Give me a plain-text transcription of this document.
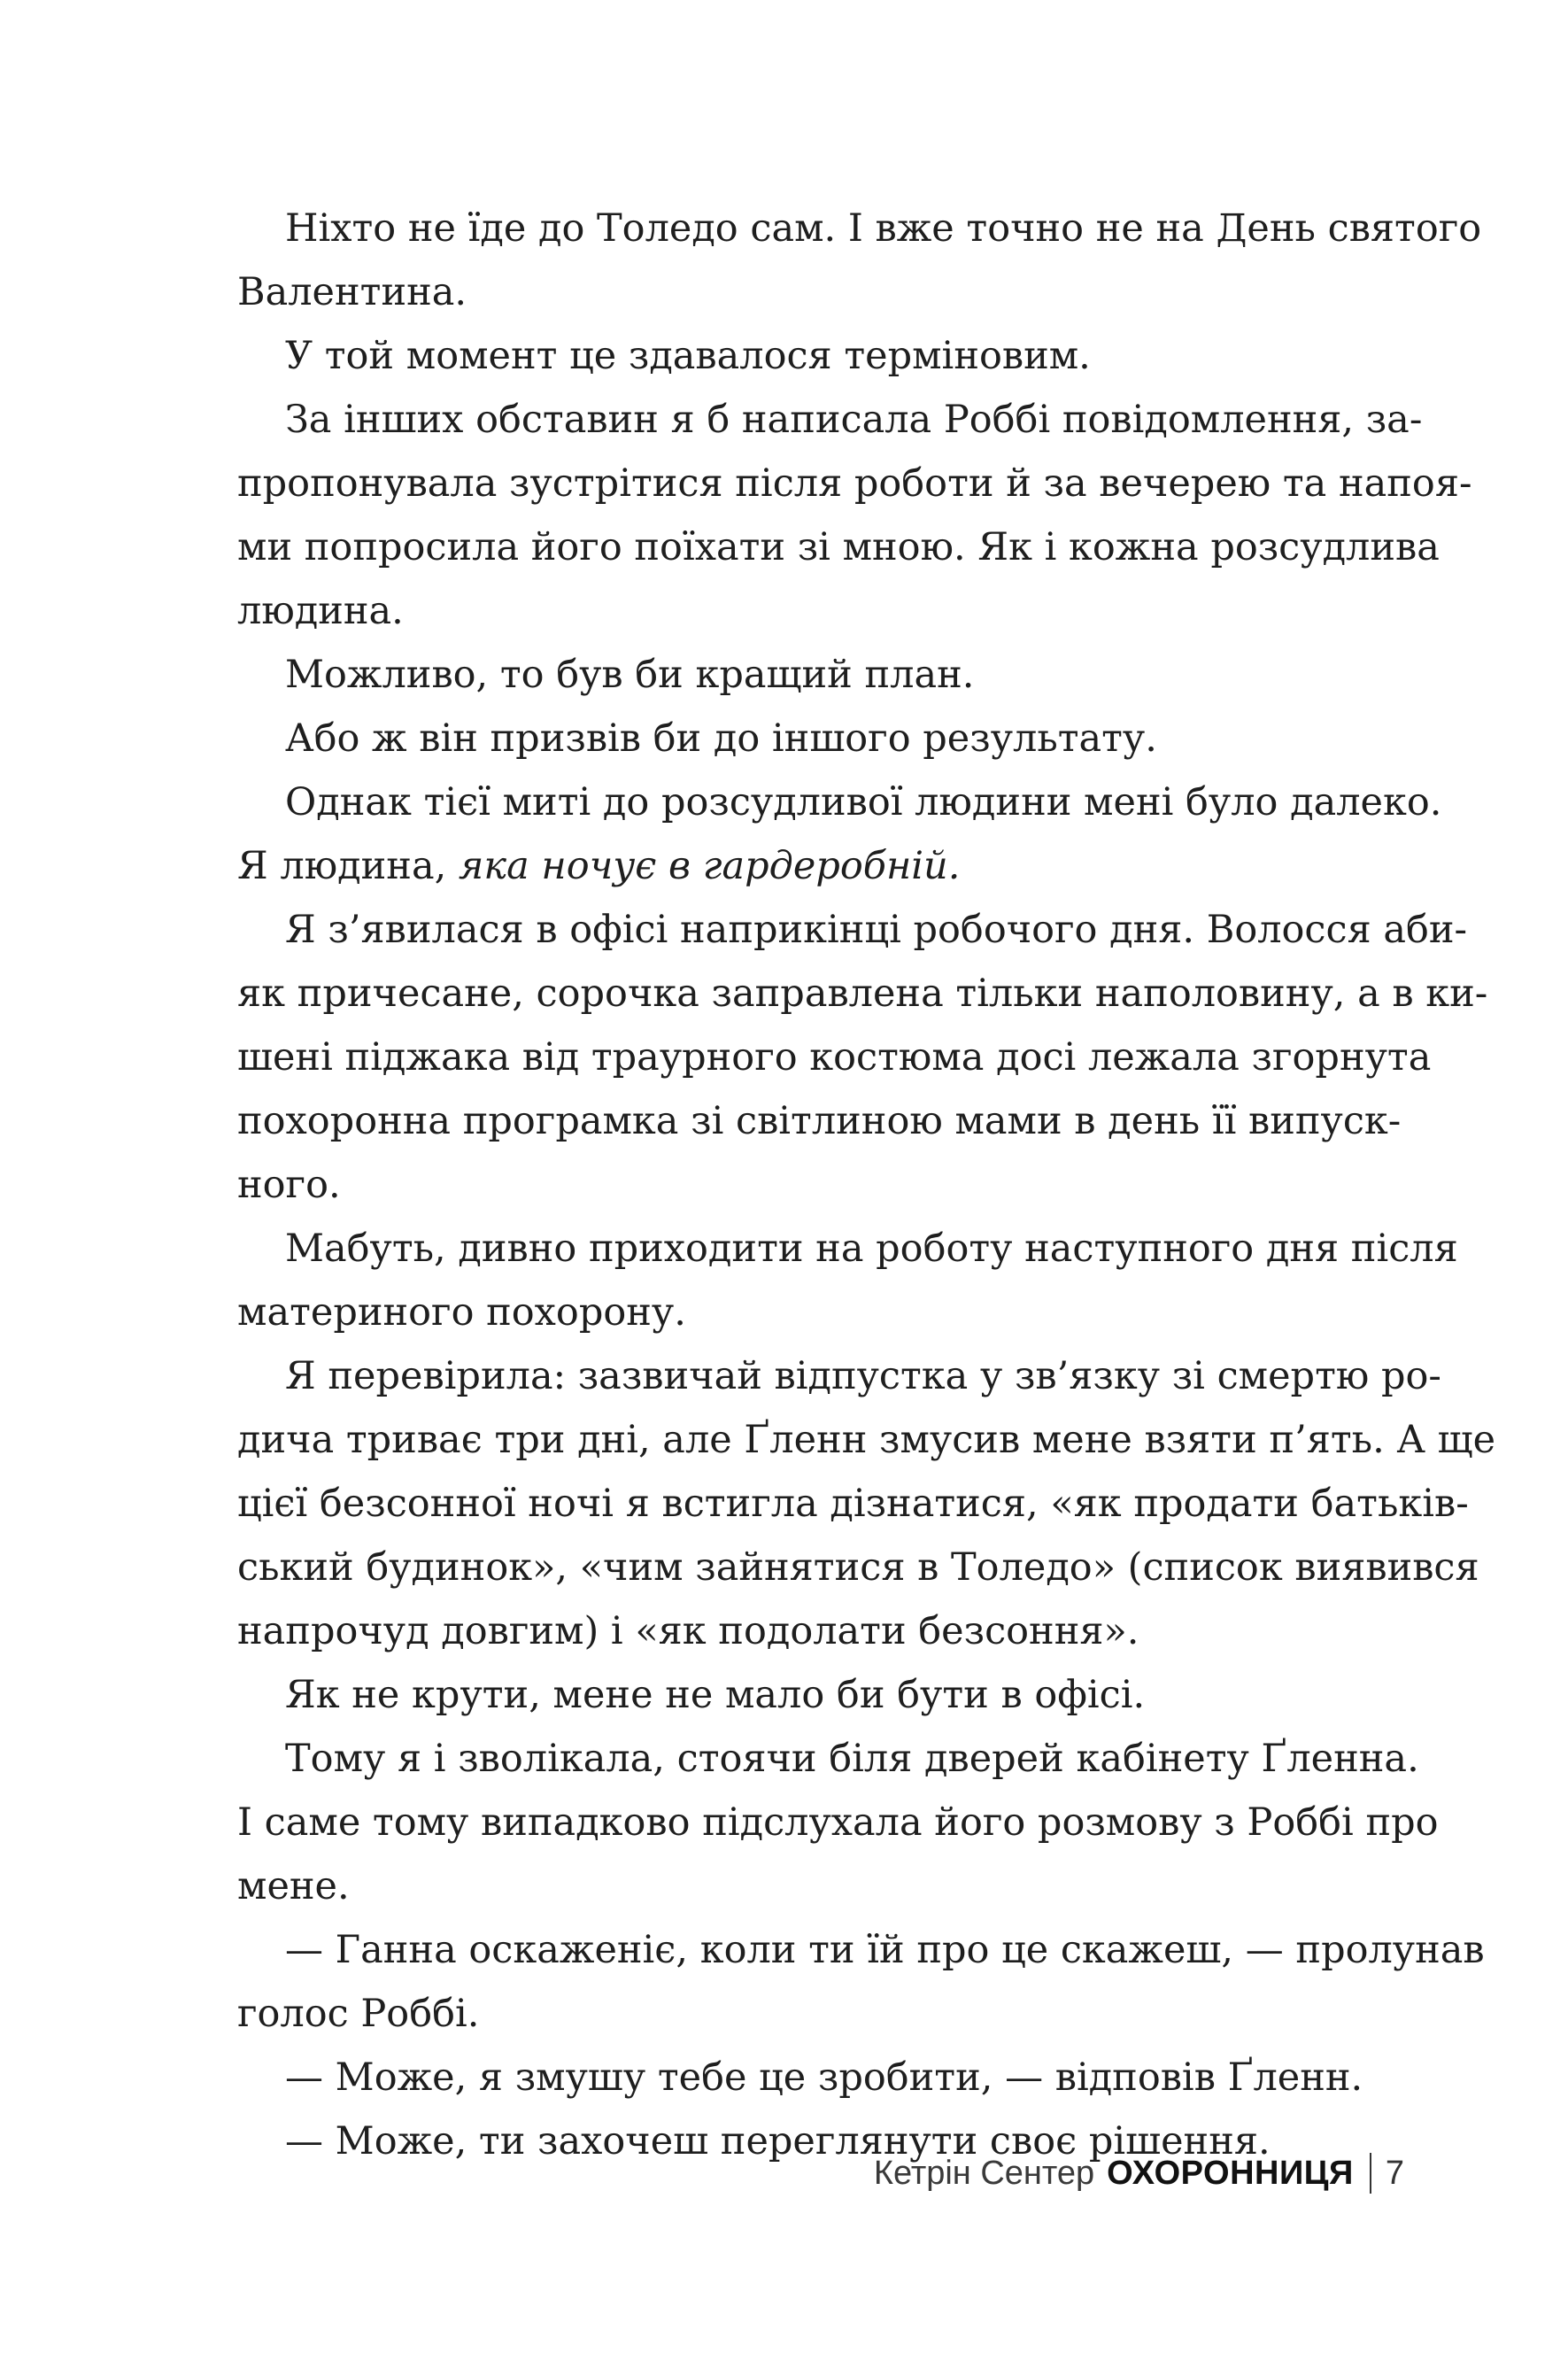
Ніхто не їде до Толедо сам. І вже точно не на День святого
Валентина.

У той момент це здавалося терміновим.

За інших обставин я б написала Роббі повідомлення, за-
пропонувала зустрітися після роботи й за вечерею та напоя-
ми попросила його поїхати зі мною. Як і кожна розсудлива
людина.

Можливо, то був би кращий план.

Або ж він призвів би до іншого результату.

Однак тієї миті до розсудливої людини мені було далеко.
Я людина, яка ночує в гардеробній.

Я з’явилася в офісі наприкінці робочого дня. Волосся аби-
як причесане, сорочка заправлена тільки наполовину, а в ки-
шені піджака від траурного костюма досі лежала згорнута
похоронна програмка зі світлиною мами в день її випуск-
ного.

Мабуть, дивно приходити на роботу наступного дня після
материного похорону.

Я перевірила: зазвичай відпустка у зв’язку зі смертю ро-
дича триває три дні, але Ґленн змусив мене взяти п’ять. А ще
цієї безсонної ночі я встигла дізнатися, «як продати батьків-
ський будинок», «чим зайнятися в Толедо» (список виявився
напрочуд довгим) і «як подолати безсоння».

Як не крути, мене не мало би бути в офісі.

Тому я і зволікала, стоячи біля дверей кабінету Ґленна.
І саме тому випадково підслухала його розмову з Роббі про
мене.

— Ганна оскаженіє, коли ти їй про це скажеш, — пролунав
голос Роббі.

— Може, я змушу тебе це зробити, — відповів Ґленн.

— Може, ти захочеш переглянути своє рішення.

Кетрін Сентер ОХОРОННИЦЯ 7
